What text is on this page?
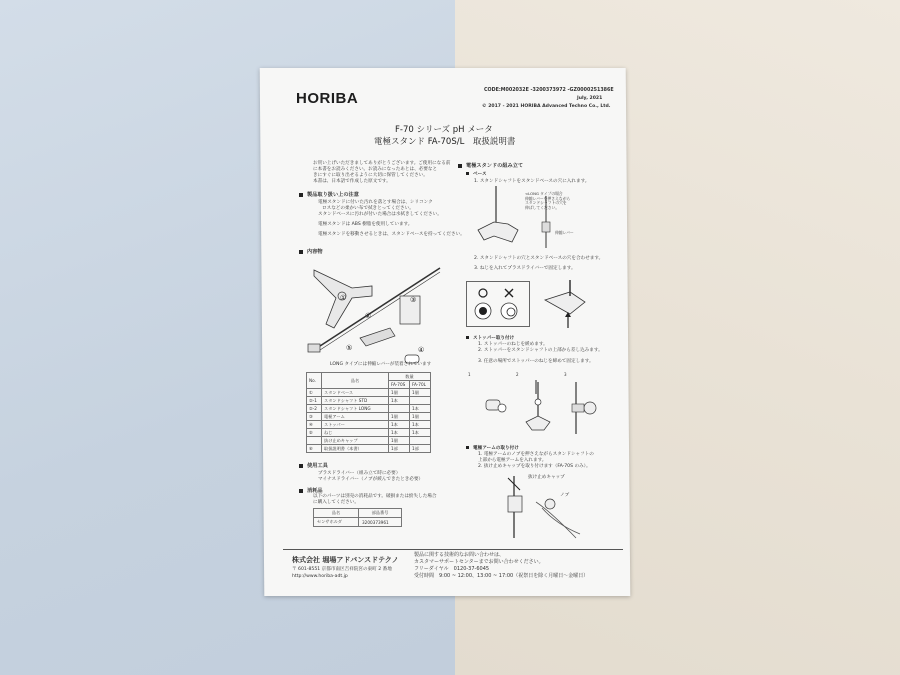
HORIBA	CODE:M002032E -3200373972 -GZ0000251386E
July, 2021
© 2017 - 2021 HORIBA Advanced Techno Co., Ltd.
F-70 シリーズ pH メータ
電極スタンド FA-70S/L　取扱説明書
お買い上げいただきましてありがとうございます。ご使用になる前
に本書をお読みください。お読みになったあとは、必要なと
きにすぐに取り出せるように大切に保管してください。
本書は、日本語で作成した原文です。
製品取り扱い上の注意
電極スタンドに付いた汚れを落とす場合は、シリコンク
ロスなどの柔かい布で拭きとってください。
スタンドベースに汚れが付いた場合は水拭きしてください。
電極スタンドは ABS 樹脂を使用しています。
電極スタンドを移動させるときは、スタンドベースを持ってください。
内容物
①
②
③
④
⑤
LONG タイプには伸縮レバーが装着されています
No.	品名	数量	
		FA-70S	FA-70L
①	スタンドベース	1個	1個
②-1	スタンドシャフト STD	1本	
②-2	スタンドシャフト LONG		1本
③	電極アーム	1個	1個
④	ストッパー	1本	1本
⑤	ねじ	1本	1本
	抜け止めキャップ	1個	
⑥	取扱説明書（本書）	1部	1部
使用工具
プラスドライバー（組み立て時に必要）
マイナスドライバー（ノブが緩んできたとき必要）
消耗品
以下のパーツは別売の消耗品です。破損または紛失した場合
に購入してください。
品名	部品番号
センサホルダ	3200373961
電極スタンドの組み立て
ベース
1. スタンドシャフトをスタンドベースの穴に入れます。
<LONG タイプの場合
伸縮レバーを押さえながら
スタンドシャフトの穴を
伸ばしてください。
伸縮レバー
2. スタンドシャフトの穴とスタンドベースの穴を合わせます。
3. ねじを入れてプラスドライバーで固定します。
ストッパー取り付け
1. ストッパーのねじを緩めます。
2. ストッパーをスタンドシャフトの上部から差し込みます。
3. 任意の場所でストッパーのねじを締めて固定します。
1	2	3
電極アームの取り付け
1. 電極アームのノブを押さえながらスタンドシャフトの
上部から電極アームを入れます。
2. 抜け止めキャップを取り付けます（FA-70S のみ）。
抜け止めキャップ
ノブ
株式会社 堀場アドバンスドテクノ
〒 601-8551 京都市南区吉祥院宮の東町 2 番地
http://www.horiba-adt.jp
製品に関する技術的なお問い合わせは、
カスタマーサポートセンターまでお問い合わせください。
フリーダイヤル　0120-37-6045
受付時間　9:00 ~ 12:00、13:00 ~ 17:00（祝祭日を除く月曜日～金曜日）
